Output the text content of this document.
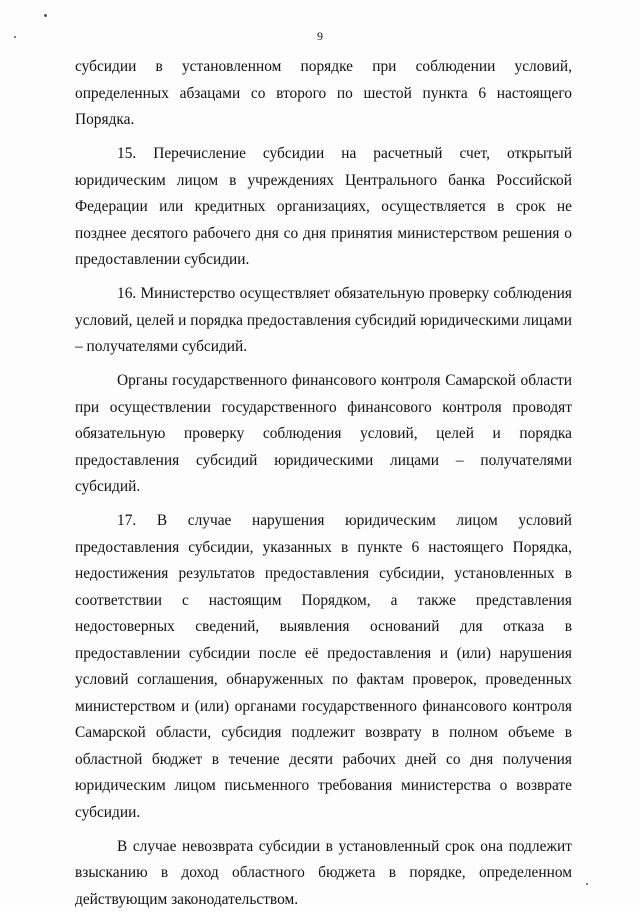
9

субсидии в установленном порядке при соблюдении условий, определенных абзацами со второго по шестой пункта 6 настоящего Порядка.

15. Перечисление субсидии на расчетный счет, открытый юридическим лицом в учреждениях Центрального банка Российской Федерации или кредитных организациях, осуществляется в срок не позднее десятого рабочего дня со дня принятия министерством решения о предоставлении субсидии.

16. Министерство осуществляет обязательную проверку соблюдения условий, целей и порядка предоставления субсидий юридическими лицами – получателями субсидий.

Органы государственного финансового контроля Самарской области при осуществлении государственного финансового контроля проводят обязательную проверку соблюдения условий, целей и порядка предоставления субсидий юридическими лицами – получателями субсидий.

17. В случае нарушения юридическим лицом условий предоставления субсидии, указанных в пункте 6 настоящего Порядка, недостижения результатов предоставления субсидии, установленных в соответствии с настоящим Порядком, а также представления недостоверных сведений, выявления оснований для отказа в предоставлении субсидии после её предоставления и (или) нарушения условий соглашения, обнаруженных по фактам проверок, проведенных министерством и (или) органами государственного финансового контроля Самарской области, субсидия подлежит возврату в полном объеме в областной бюджет в течение десяти рабочих дней со дня получения юридическим лицом письменного требования министерства о возврате субсидии.

В случае невозврата субсидии в установленный срок она подлежит взысканию в доход областного бюджета в порядке, определенном действующим законодательством.
